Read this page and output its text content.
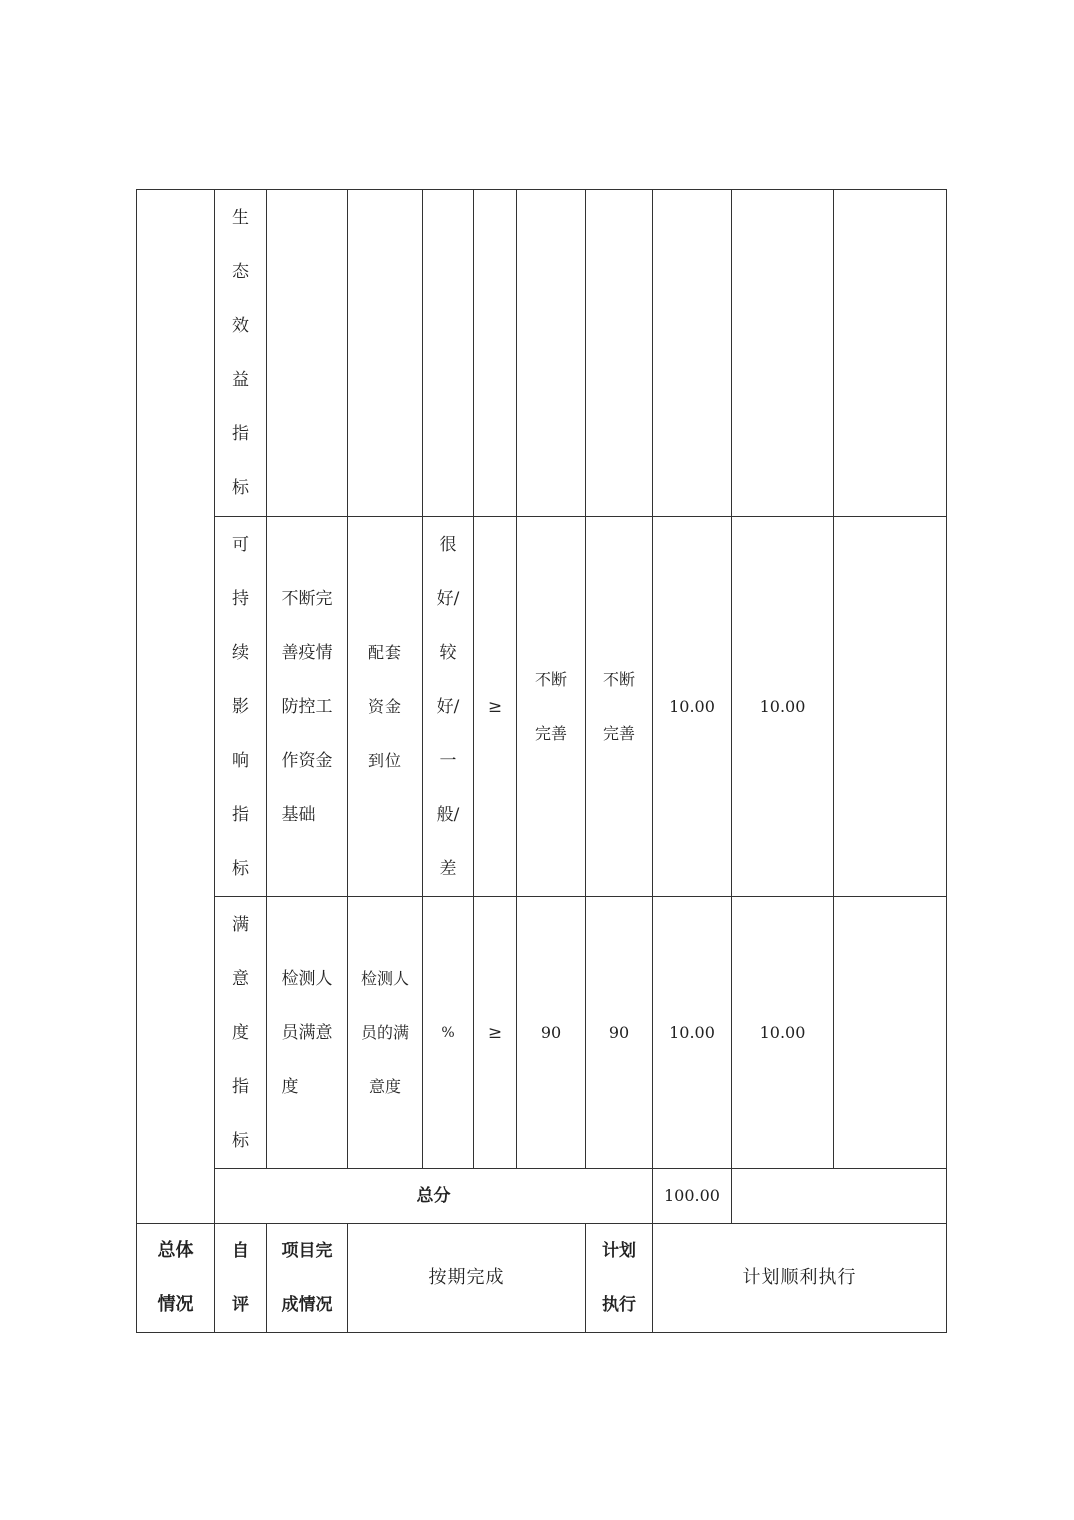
	生态效益指标									

	可持续影响指标	不断完善疫情防控工作资金基础	配套资金到位	很好/较好/一般/差	≥	不断完善	不断完善	10.00	10.00	

	满意度指标	检测人员满意度	检测人员的满意度	%	≥	90	90	10.00	10.00	
	总分							100.00		

总体情况	自评	项目完成情况	按期完成				计划执行	计划顺利执行		
